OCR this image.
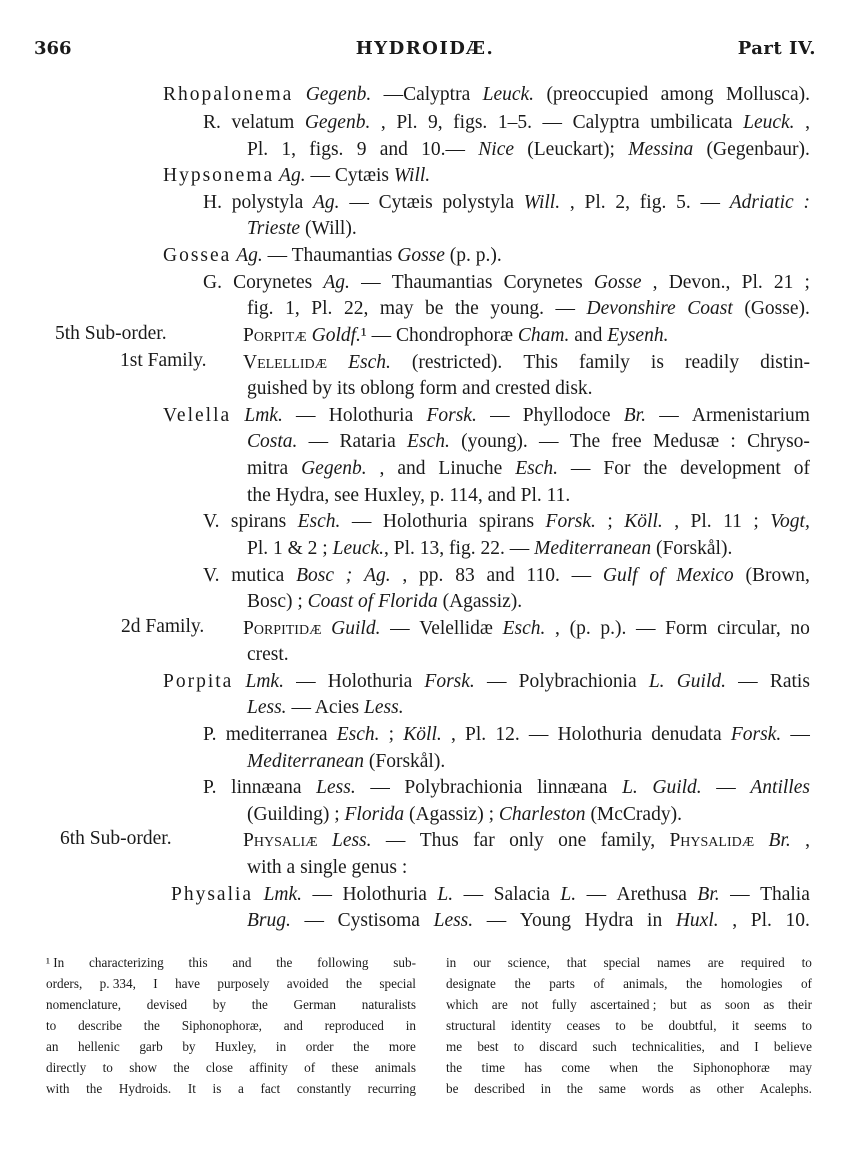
366	HYDROIDÆ.	Part IV.
Rhopalonema Gegenb. —Calyptra Leuck. (preoccupied among Mollusca).
R. velatum Gegenb. , Pl. 9, figs. 1–5. — Calyptra umbilicata Leuck. ,
Pl. 1, figs. 9 and 10.— Nice (Leuckart); Messina (Gegenbaur).
Hypsonema Ag. — Cytæis Will.
H. polystyla Ag. — Cytæis polystyla Will. , Pl. 2, fig. 5. — Adriatic :
Trieste (Will).
Gossea Ag. — Thaumantias Gosse (p. p.).
G. Corynetes Ag. — Thaumantias Corynetes Gosse , Devon., Pl. 21 ;
fig. 1, Pl. 22, may be the young. — Devonshire Coast (Gosse).
Porpitæ Goldf.¹ — Chondrophoræ Cham. and Eysenh.
Velellidæ Esch. (restricted). This family is readily distin-
guished by its oblong form and crested disk.
Velella Lmk. — Holothuria Forsk. — Phyllodoce Br. — Armenistarium
Costa. — Rataria Esch. (young). — The free Medusæ : Chryso-
mitra Gegenb. , and Linuche Esch. — For the development of
the Hydra, see Huxley, p. 114, and Pl. 11.
V. spirans Esch. — Holothuria spirans Forsk. ; Köll. , Pl. 11 ; Vogt,
Pl. 1 & 2 ; Leuck., Pl. 13, fig. 22. — Mediterranean (Forskål).
V. mutica Bosc ; Ag. , pp. 83 and 110. — Gulf of Mexico (Brown,
Bosc) ; Coast of Florida (Agassiz).
Porpitidæ Guild. — Velellidæ Esch. , (p. p.). — Form circular, no
crest.
Porpita Lmk. — Holothuria Forsk. — Polybrachionia L. Guild. — Ratis
Less. — Acies Less.
P. mediterranea Esch. ; Köll. , Pl. 12. — Holothuria denudata Forsk. —
Mediterranean (Forskål).
P. linnæana Less. — Polybrachionia linnæana L. Guild. — Antilles
(Guilding) ; Florida (Agassiz) ; Charleston (McCrady).
Physaliæ Less. — Thus far only one family, Physalidæ Br. ,
with a single genus :
Physalia Lmk. — Holothuria L. — Salacia L. — Arethusa Br. — Thalia
Brug. — Cystisoma Less. — Young Hydra in Huxl. , Pl. 10.
5th Sub-order.
1st Family.
2d Family.
6th Sub-order.
¹ In characterizing this and the following sub-
orders, p. 334, I have purposely avoided the special
nomenclature, devised by the German naturalists
to describe the Siphonophoræ, and reproduced in
an hellenic garb by Huxley, in order the more
directly to show the close affinity of these animals
with the Hydroids. It is a fact constantly recurring
in our science, that special names are required to
designate the parts of animals, the homologies of
which are not fully ascertained ; but as soon as their
structural identity ceases to be doubtful, it seems to
me best to discard such technicalities, and I believe
the time has come when the Siphonophoræ may
be described in the same words as other Acalephs.
